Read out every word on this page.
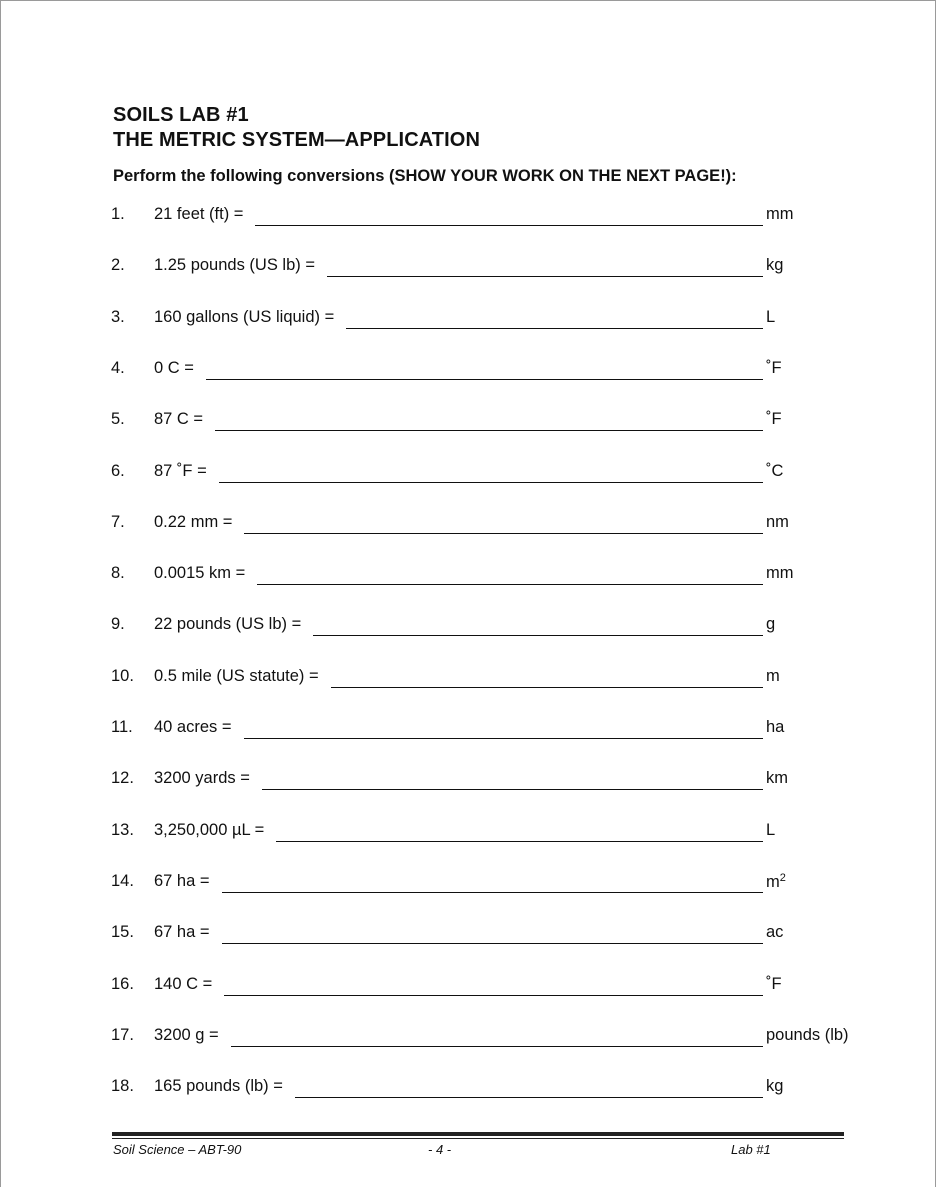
SOILS LAB #1
THE METRIC SYSTEM—APPLICATION
Perform the following conversions (SHOW YOUR WORK ON THE NEXT PAGE!):
1. 21 feet (ft) =	mm
2. 1.25 pounds (US lb) =	kg
3. 160 gallons (US liquid) =	L
4. 0 C =	˚F
5. 87 C =	˚F
6. 87 ˚F =	˚C
7. 0.22 mm =	nm
8. 0.0015 km =	mm
9. 22 pounds (US lb) =	g
10. 0.5 mile (US statute) =	m
11. 40 acres =	ha
12. 3200 yards =	km
13. 3,250,000 µL =	L
14. 67 ha =	$m^2$
15. 67 ha =	ac
16. 140 C =	˚F
17. 3200 g =	pounds (lb)
18. 165 pounds (lb) =	kg
Soil Science – ABT-90	- 4 -	Lab #1
